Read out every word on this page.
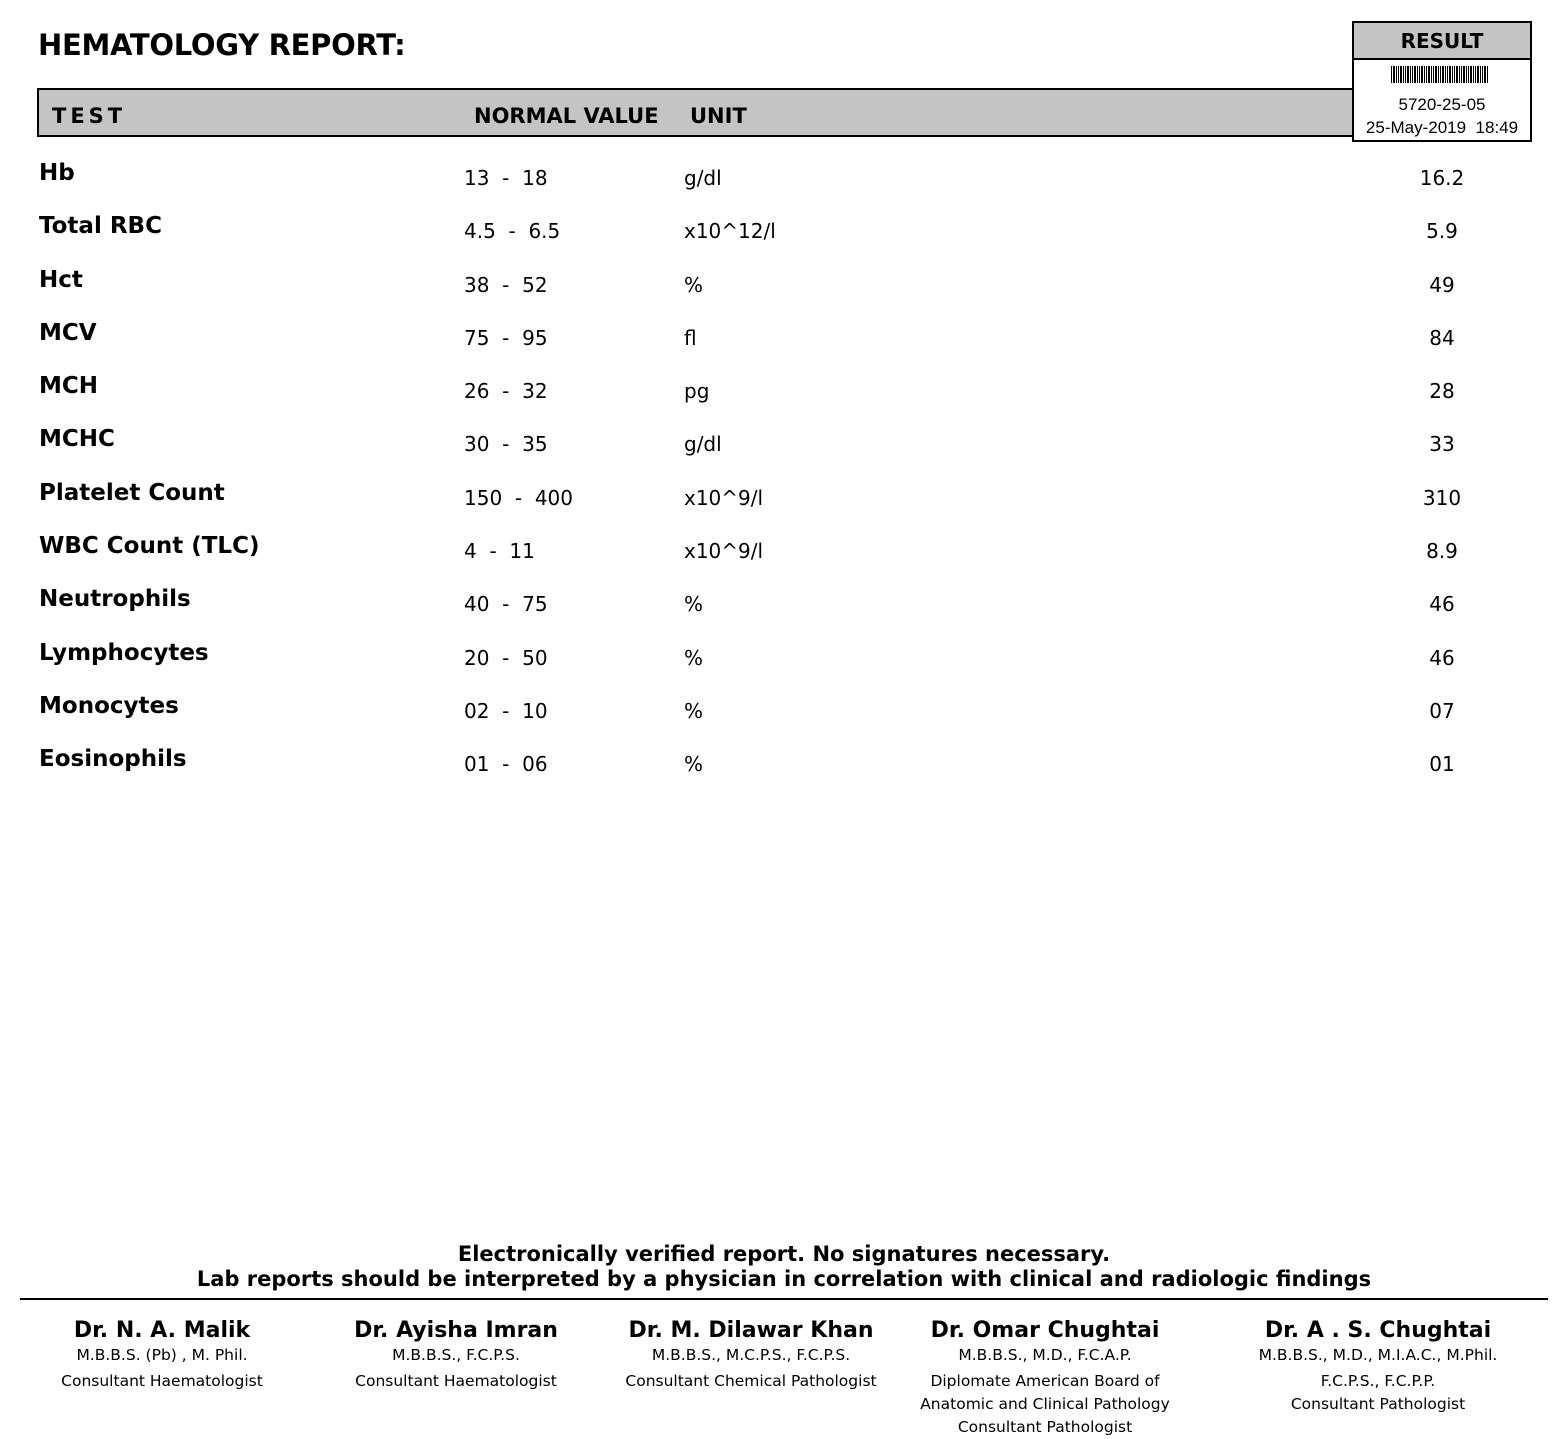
HEMATOLOGY REPORT:
TEST	NORMAL VALUE UNIT
RESULT
5720-25-05
25-May-2019  18:49
Hb	13  -  18	g/dl	16.2
Total RBC	4.5  -  6.5	x10^12/l	5.9
Hct	38  -  52	%	49
MCV	75  -  95	fl	84
MCH	26  -  32	pg	28
MCHC	30  -  35	g/dl	33
Platelet Count	150  -  400	x10^9/l	310
WBC Count (TLC)	4  -  11	x10^9/l	8.9
Neutrophils	40  -  75	%	46
Lymphocytes	20  -  50	%	46
Monocytes	02  -  10	%	07
Eosinophils	01  -  06	%	01
Electronically verified report. No signatures necessary.
Lab reports should be interpreted by a physician in correlation with clinical and radiologic findings
Dr. N. A. Malik
M.B.B.S. (Pb) , M. Phil.
Consultant Haematologist
Dr. Ayisha Imran
M.B.B.S., F.C.P.S.
Consultant Haematologist
Dr. M. Dilawar Khan
M.B.B.S., M.C.P.S., F.C.P.S.
Consultant Chemical Pathologist
Dr. Omar Chughtai
M.B.B.S., M.D., F.C.A.P.
Diplomate American Board of
Anatomic and Clinical Pathology
Consultant Pathologist
Dr. A . S. Chughtai
M.B.B.S., M.D., M.I.A.C., M.Phil.
F.C.P.S., F.C.P.P.
Consultant Pathologist
